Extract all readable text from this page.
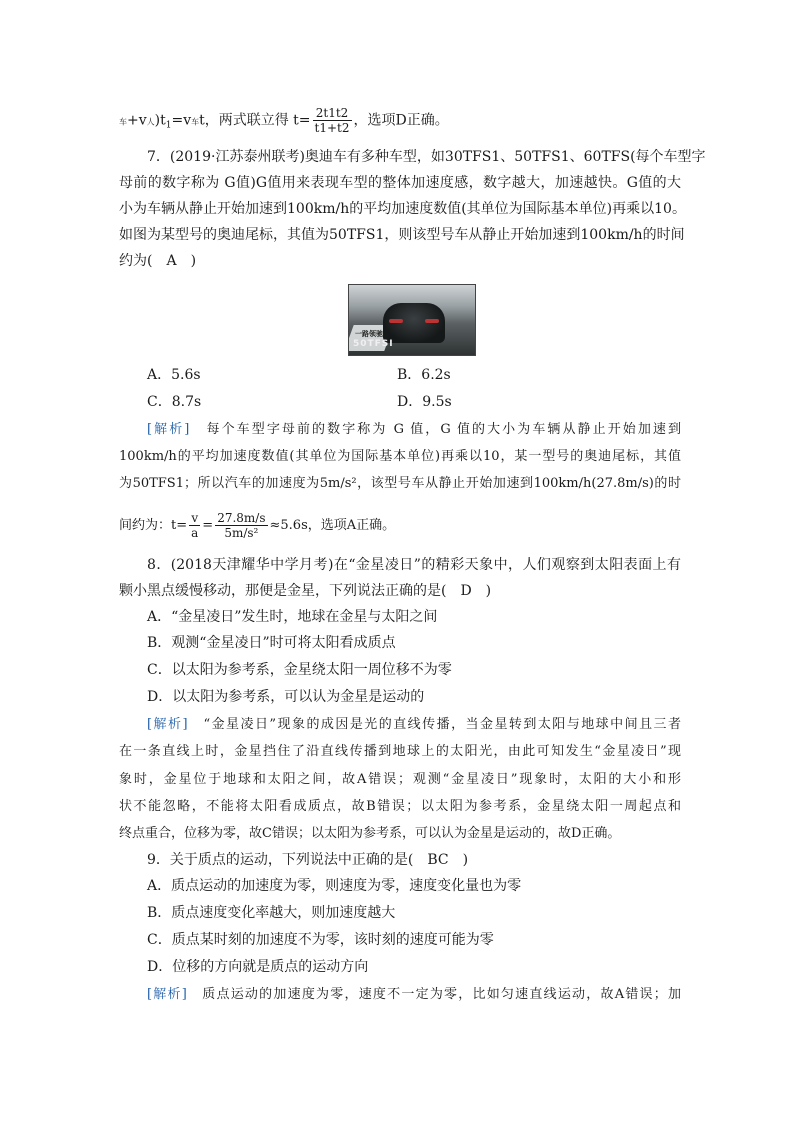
车+v人)$t_1=v$车t，两式联立得 $t= \frac{2t1t2}{t1+t2}$ ，选项D正确。
7．(2019·江苏泰州联考)奥迪车有多种车型，如30TFS1、50TFS1、60TFS(每个车型字
母前的数字称为 G值)G值用来表现车型的整体加速度感，数字越大，加速越快。G值的大
小为车辆从静止开始加速到100km/h的平均加速度数值(其单位为国际基本单位)再乘以10。
如图为某型号的奥迪尾标，其值为50TFS1，则该型号车从静止开始加速到100km/h的时间
约为(　A　)
一路领驰
50TFSI
A．5.6s	B．6.2s
C．8.7s	D．9.5s
[解析]　 每个车型字母前的数字称为 G 值，G 值的大小为车辆从静止开始加速到
100km/h的平均加速度数值(其单位为国际基本单位)再乘以10，某一型号的奥迪尾标，其值
为50TFS1；所以汽车的加速度为5m/s²，该型号车从静止开始加速到100km/h(27.8m/s)的时
间约为：$t= \frac{v}{a} = \frac{27.8m/s}{\text{5m/s²}} \approx 5.6s$，选项A正确。
8．(2018天津耀华中学月考)在“金星凌日”的精彩天象中，人们观察到太阳表面上有
颗小黑点缓慢移动，那便是金星，下列说法正确的是(　D　)
A．“金星凌日”发生时，地球在金星与太阳之间
B．观测“金星凌日”时可将太阳看成质点
C．以太阳为参考系，金星绕太阳一周位移不为零
D．以太阳为参考系，可以认为金星是运动的
[解析]　 “金星凌日”现象的成因是光的直线传播，当金星转到太阳与地球中间且三者
在一条直线上时，金星挡住了沿直线传播到地球上的太阳光，由此可知发生“金星凌日”现
象时，金星位于地球和太阳之间，故A错误；观测“金星凌日”现象时，太阳的大小和形
状不能忽略，不能将太阳看成质点，故B错误；以太阳为参考系，金星绕太阳一周起点和
终点重合，位移为零，故C错误；以太阳为参考系，可以认为金星是运动的，故D正确。
9．关于质点的运动，下列说法中正确的是(　BC　)
A．质点运动的加速度为零，则速度为零，速度变化量也为零
B．质点速度变化率越大，则加速度越大
C．质点某时刻的加速度不为零，该时刻的速度可能为零
D．位移的方向就是质点的运动方向
[解析]　 质点运动的加速度为零，速度不一定为零，比如匀速直线运动，故A错误；加
